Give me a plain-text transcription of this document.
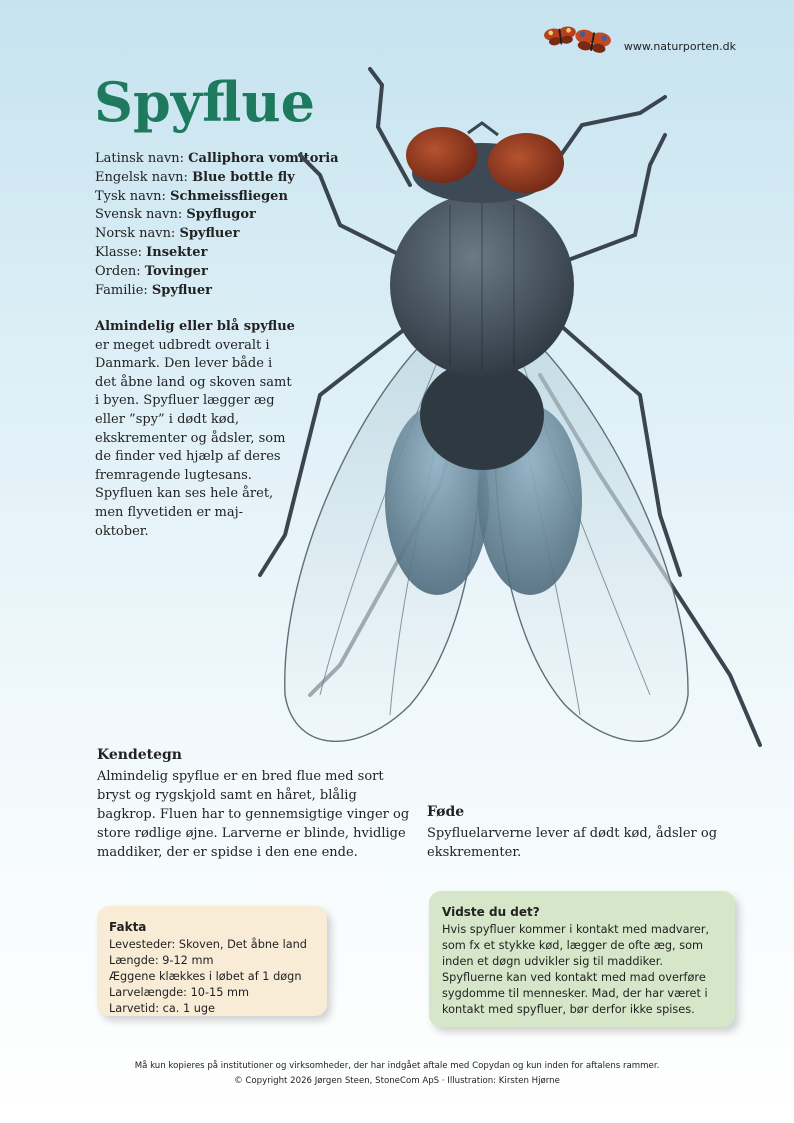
www.naturporten.dk
Spyflue
Latinsk navn: Calliphora vomitoria
Engelsk navn: Blue bottle fly
Tysk navn: Schmeissfliegen
Svensk navn: Spyflugor
Norsk navn: Spyfluer
Klasse: Insekter
Orden: Tovinger
Familie: Spyfluer
Almindelig eller blå spyflue er meget udbredt overalt i Danmark. Den lever både i det åbne land og skoven samt i byen. Spyfluer lægger æg eller ”spy” i dødt kød, ekskrementer og ådsler, som de finder ved hjælp af deres fremragende lugtesans. Spyfluen kan ses hele året, men flyvetiden er maj-oktober.
Kendetegn
Almindelig spyflue er en bred flue med sort bryst og rygskjold samt en håret, blålig bagkrop. Fluen har to gennemsigtige vinger og store rødlige øjne. Larverne er blinde, hvidlige maddiker, der er spidse i den ene ende.
Føde
Spyfluelarverne lever af dødt kød, ådsler og ekskrementer.
Fakta
Levesteder: Skoven, Det åbne land
Længde: 9-12 mm
Æggene klækkes i løbet af 1 døgn
Larvelængde: 10-15 mm
Larvetid: ca. 1 uge
Vidste du det?
Hvis spyfluer kommer i kontakt med madvarer, som fx et stykke kød, lægger de ofte æg, som inden et døgn udvikler sig til maddiker. Spyfluerne kan ved kontakt med mad overføre sygdomme til mennesker. Mad, der har været i kontakt med spyfluer, bør derfor ikke spises.
Må kun kopieres på institutioner og virksomheder, der har indgået aftale med Copydan og kun inden for aftalens rammer.
© Copyright 2026 Jørgen Steen, StoneCom ApS · Illustration: Kirsten Hjørne
